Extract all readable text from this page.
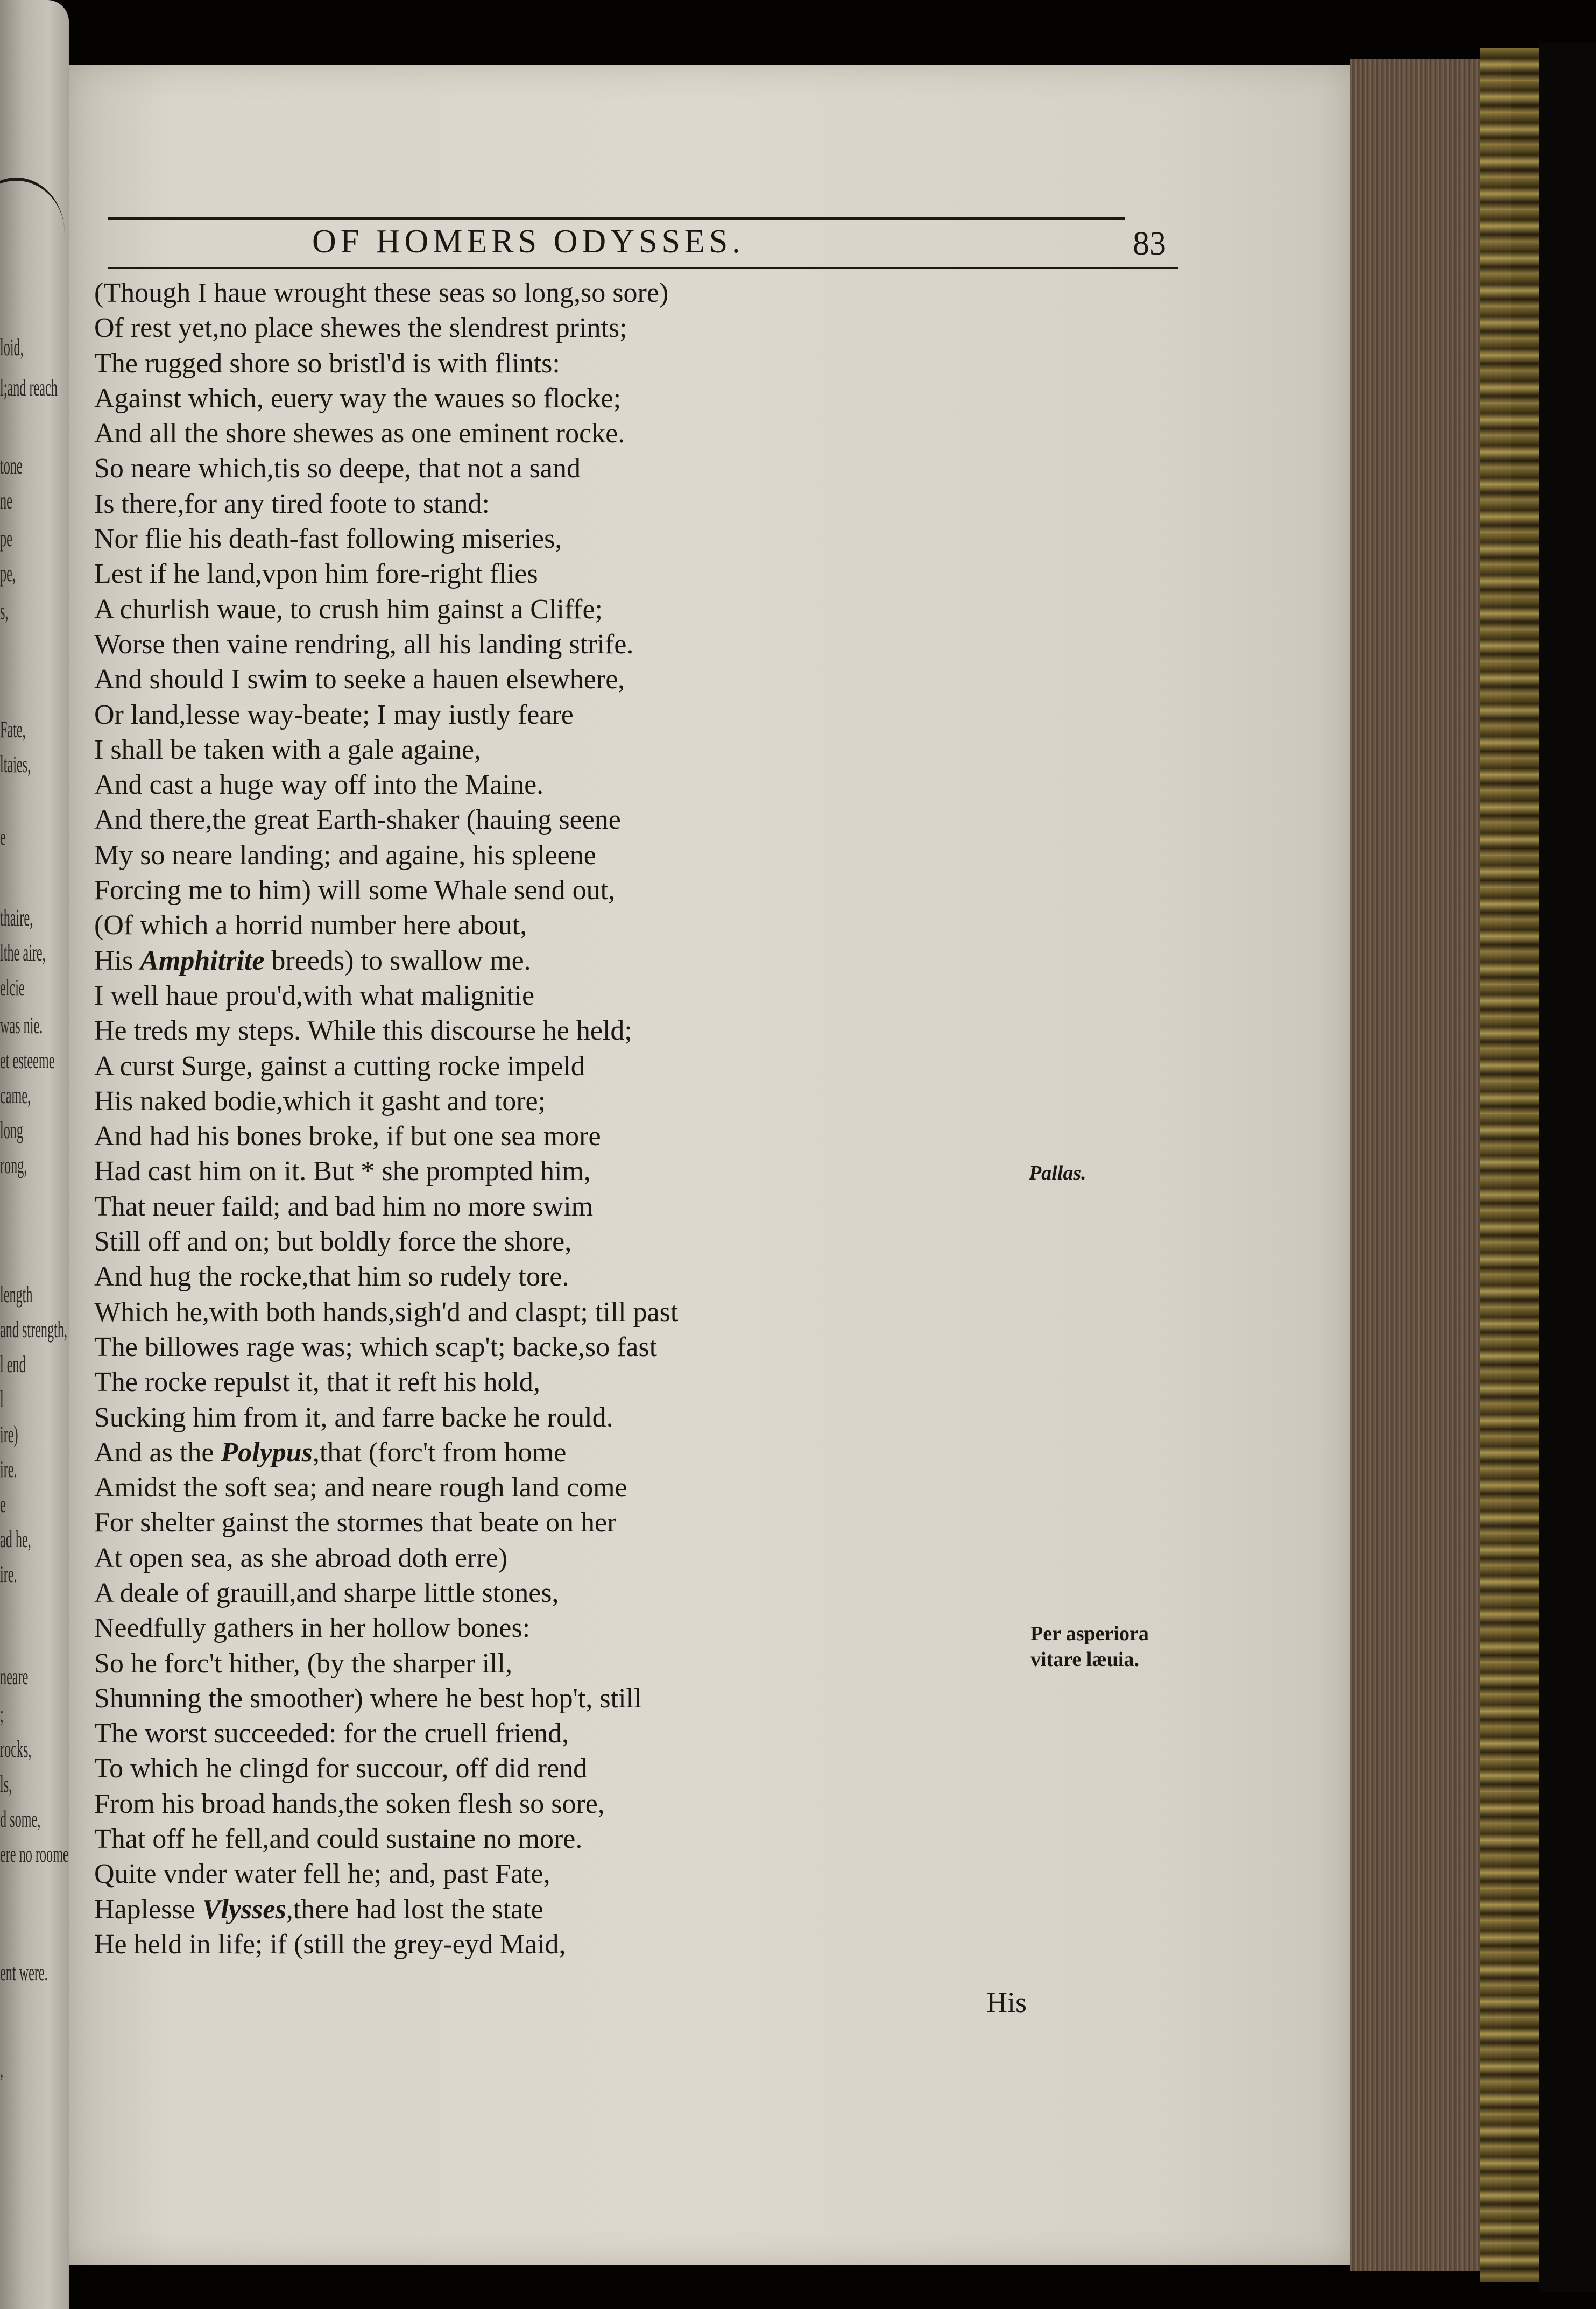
loid,
l;and reach
tone
ne
pe
pe,
s,
Fate,
ltaies,
e
thaire,
lthe aire,
elcie
was nie.
et esteeme
came,
long
rong,
length
and strength,
l end
l
ire)
ire.
e
ad he,
ire.
neare
;
rocks,
ls,
d some,
ere no roome
ent were.
,
OF HOMERS ODYSSES.	83
(Though I haue wrought these seas so long,so sore)
Of rest yet,no place shewes the slendrest prints;
The rugged shore so bristl'd is with flints:
Against which, euery way the waues so flocke;
And all the shore shewes as one eminent rocke.
So neare which,tis so deepe, that not a sand
Is there,for any tired foote to stand:
Nor flie his death-fast following miseries,
Lest if he land,vpon him fore-right flies
A churlish waue, to crush him gainst a Cliffe;
Worse then vaine rendring, all his landing strife.
And should I swim to seeke a hauen elsewhere,
Or land,lesse way-beate; I may iustly feare
I shall be taken with a gale againe,
And cast a huge way off into the Maine.
And there,the great Earth-shaker (hauing seene
My so neare landing; and againe, his spleene
Forcing me to him) will some Whale send out,
(Of which a horrid number here about,
His Amphitrite breeds) to swallow me.
I well haue prou'd,with what malignitie
He treds my steps. While this discourse he held;
A curst Surge, gainst a cutting rocke impeld
His naked bodie,which it gasht and tore;
And had his bones broke, if but one sea more
Had cast him on it. But * she prompted him,
That neuer faild; and bad him no more swim
Still off and on; but boldly force the shore,
And hug the rocke,that him so rudely tore.
Which he,with both hands,sigh'd and claspt; till past
The billowes rage was; which scap't; backe,so fast
The rocke repulst it, that it reft his hold,
Sucking him from it, and farre backe he rould.
And as the Polypus,that (forc't from home
Amidst the soft sea; and neare rough land come
For shelter gainst the stormes that beate on her
At open sea, as she abroad doth erre)
A deale of grauill,and sharpe little stones,
Needfully gathers in her hollow bones:
So he forc't hither, (by the sharper ill,
Shunning the smoother) where he best hop't, still
The worst succeeded: for the cruell friend,
To which he clingd for succour, off did rend
From his broad hands,the soken flesh so sore,
That off he fell,and could sustaine no more.
Quite vnder water fell he; and, past Fate,
Haplesse Vlysses,there had lost the state
He held in life; if (still the grey-eyd Maid,
Pallas.
Per asperiora
vitare læuia.
His
